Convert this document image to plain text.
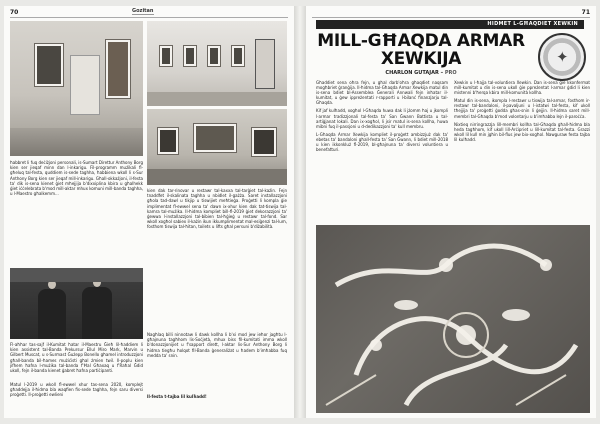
70	Gozitan
ħabbret li fuq deċiżjoni personali, is-Sumart Direttur Anthony Borg kien ser jieqaf minn dan l-inkarigu. Fil-programm mużikali fl-għeluq tal-festa, quddiem is-sede taghha, ħabbiena wkoll li s-Sur Anthony Borg kien ser jieqaf mill-inkarigu. Għall-okkażjoni, il-festa ta' dik is-sena kienet ġiet mħejjija b'dixxiplina kbira u għalhekk ġiet iċċelebrata b'mod mill-aktar mhux komuni mill-banda taghha, u l-Maestro għalkemm...
Fl-aħħar tas-sajf il-Kumitat ħatar il-Maestru Ġieħ lil-ħaddiem li kien assistent tal-Banda Prekursur Ellul Miro Mark, Marvin u Gilbert Muscat, u s-Surmast Ġużepp Bonello għamel introduzzjoni għall-banda bil-ħames mużiċisti għal żmien twil. Il-poplu kien jifhem ħafna l-mużika tal-banda f'Ħal Għaxaq u f'Raħal Ġdid ukoll, fejn il-banda kienet ġabret ħafna partiċipanti.
Matul l-2019 u wkoll fl-ewwel xhur tas-sena 2020, komplejt għaddejja il-ħidma bla waqfien fis-sede taghha, fejn saru diversi proġetti. Il-proġetti ewlieni
kien dak tar-rinovar u restawr tal-kaxxa tal-tarġiet tal-każin. Fejn tnaddfet il-skalinata taghha u nbidlet il-gażża. Saret installazzjoni għola tad-dawl u tikjip u tiswijiet meħtieġa. Proġetti li kompla ġie implimentat fl-ewwel sena ta' dawn ix-xhur kien dak tat-tiswija tal-kamra tal-mużika. Il-ħidma kompliet bill-fl-2019 ġiet dekorazzjoni ta' ġewwa l-installazzjoni tal-bibien tal-ħġieġ u restawr tal-fond. Sar wkoll xogħol sabiex il-każin ikun ikkumplimentat mal-esiġenzi tal-lum, fosthom tiswija tal-ħitan, toilets u lifts għal persuni b'diżabilità.
Nagħlaq billi ninnotaw li dawk kollha li b'xi mod jew ieħor jagħtu l-għajnuna tagħhom lis-Soċjetà, mhux biss fil-kumitati imma wkoll b'donazzjonijiet u f'sapport dirett, l-aktar lis-Sur Anthony Borg li ħidma tiegħu ħolqot fil-Banda ġeneraliżat u ħadem b'imħabba fuq medda ta' snin.
Il-festa t-tajba lil kulħadd!
71
HIDMET L-GĦAQDIET XEWKIN
MILL-GĦAQDA ARMAR XEWKIJA
✦
CHARLON GUTAJAR – PRO

Għaddiet sena oħra fejn, u għal darb'oħra għaqdiet naqsam mogħbriet ġranġija. Il-ħidma tal-Għaqda Armar Xewkija matul din is-sena bdiet bl-Assemblea Ġenerali Annwali fejn inħatar il-kumitat, u ġew ippreżentati r-rapporti u l-bilanċ finanzjarju tal-Għaqda.

Kif jaf kulħadd, xogħol l-Għaqda huwa dak li jżomm ħaj u jkompli l-armar tradizzjonali tal-festa ta' San Ġwann Battista u tal-artiġjanat lokali. Dan ix-xogħol, li jsir matul is-sena kollha, huwa mibni fuq il-passjoni u d-dedikazzjoni ta' kull membru.

L-Għaqda Armar Xewkija kompliet il-proġett ambizzjuż dak ta' ebetas ta' bandaloni għall-festa ta' San Ġwann, li bdiet mill-2018 u kien ikkonkluż fl-2019, bl-għajnuna ta' diversi voluntiera u benefatturi.

Xewkin u l-ħajja tal-voluntiera Xewkin. Dan is-sena ġie kkonfermat mill-kumitat u din is-sena ukoll ġie ppreżentat l-armar ġdid li kien mistenni b'ħerqa kbira mill-komunità kollha.

Matul din is-sena, ikompla l-restawr u tiswija tal-armar, fosthom ir-restawr tal-bandaloni, il-pavaljuni u l-istatwi tal-festa, kif ukoll tħejjija ta' proġetti ġodda għas-snin li ġejjin. Il-ħidma saret mill-membri tal-Għaqda b'mod volontarju u b'imħabba lejn il-paroċċa.

Nixtieq nirringrazzja lill-membri kollha tal-Għaqda għall-ħidma bla heda tagħhom, kif ukoll lill-Arċipriet u lill-kumitat tal-festa. Grazzi wkoll lil kull min jgħin bil-flus jew bix-xogħol. Nawguraw festa tajba lil kulħadd.
